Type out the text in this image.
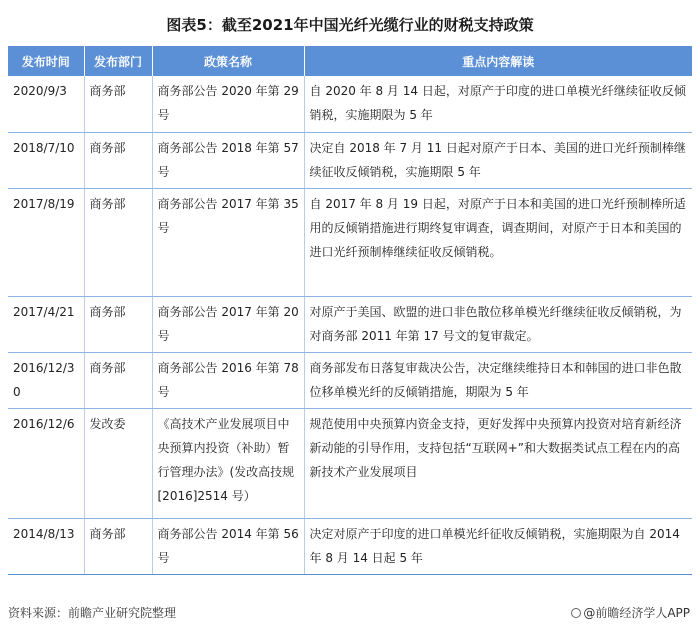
图表5：截至2021年中国光纤光缆行业的财税支持政策
发布时间	发布部门	政策名称	重点内容解读
2020/9/3	商务部	商务部公告 2020 年第 29 号	自 2020 年 8 月 14 日起，对原产于印度的进口单模光纤继续征收反倾销税，实施期限为 5 年
2018/7/10	商务部	商务部公告 2018 年第 57 号	决定自 2018 年 7 月 11 日起对原产于日本、美国的进口光纤预制棒继续征收反倾销税，实施期限 5 年
2017/8/19	商务部	商务部公告 2017 年第 35 号	自 2017 年 8 月 19 日起，对原产于日本和美国的进口光纤预制棒所适用的反倾销措施进行期终复审调查，调查期间，对原产于日本和美国的进口光纤预制棒继续征收反倾销税。
2017/4/21	商务部	商务部公告 2017 年第 20 号	对原产于美国、欧盟的进口非色散位移单模光纤继续征收反倾销税，为对商务部 2011 年第 17 号文的复审裁定。
2016/12/30	商务部	商务部公告 2016 年第 78 号	商务部发布日落复审裁决公告，决定继续维持日本和韩国的进口非色散位移单模光纤的反倾销措施，期限为 5 年
2016/12/6	发改委	《高技术产业发展项目中央预算内投资（补助）暂行管理办法》(发改高技规[2016]2514 号）	规范使用中央预算内资金支持，更好发挥中央预算内投资对培育新经济新动能的引导作用，支持包括“互联网+”和大数据类试点工程在内的高新技术产业发展项目
2014/8/13	商务部	商务部公告 2014 年第 56 号	决定对原产于印度的进口单模光纤征收反倾销税，实施期限为自 2014 年 8 月 14 日起 5 年
资料来源：前瞻产业研究院整理	@前瞻经济学人APP
